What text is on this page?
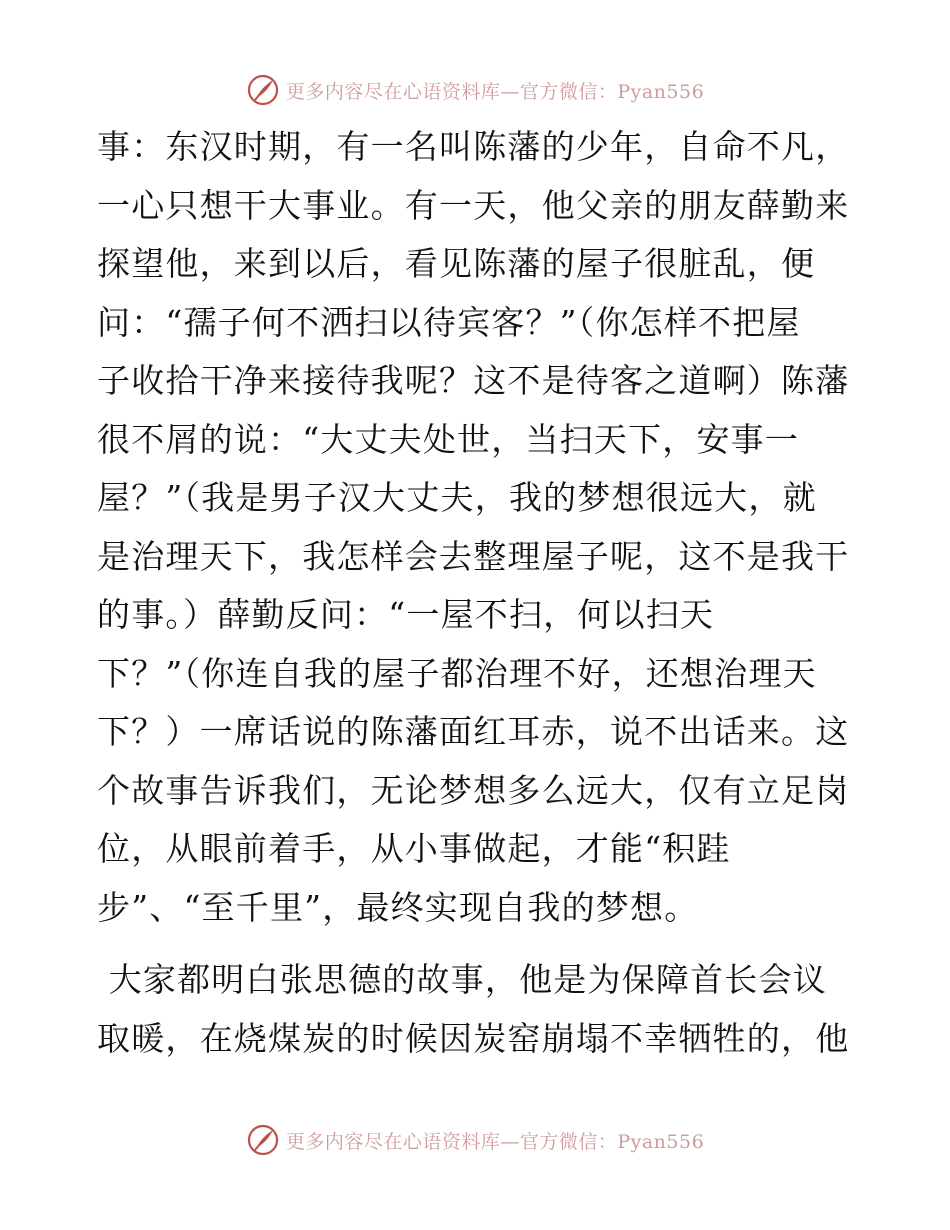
更多内容尽在心语资料库—官方微信：Pyan556
事：东汉时期，有一名叫陈藩的少年，自命不凡，
一心只想干大事业。有一天，他父亲的朋友薛勤来
探望他，来到以后，看见陈藩的屋子很脏乱，便
问：“孺子何不洒扫以待宾客？”（你怎样不把屋
子收拾干净来接待我呢？这不是待客之道啊）陈藩
很不屑的说：“大丈夫处世，当扫天下，安事一
屋？”（我是男子汉大丈夫，我的梦想很远大，就
是治理天下，我怎样会去整理屋子呢，这不是我干
的事。）薛勤反问：“一屋不扫，何以扫天
下？”（你连自我的屋子都治理不好，还想治理天
下？）一席话说的陈藩面红耳赤，说不出话来。这
个故事告诉我们，无论梦想多么远大，仅有立足岗
位，从眼前着手，从小事做起，才能“积跬
步”、“至千里”，最终实现自我的梦想。
大家都明白张思德的故事，他是为保障首长会议
取暖，在烧煤炭的时候因炭窑崩塌不幸牺牲的，他
更多内容尽在心语资料库—官方微信：Pyan556
